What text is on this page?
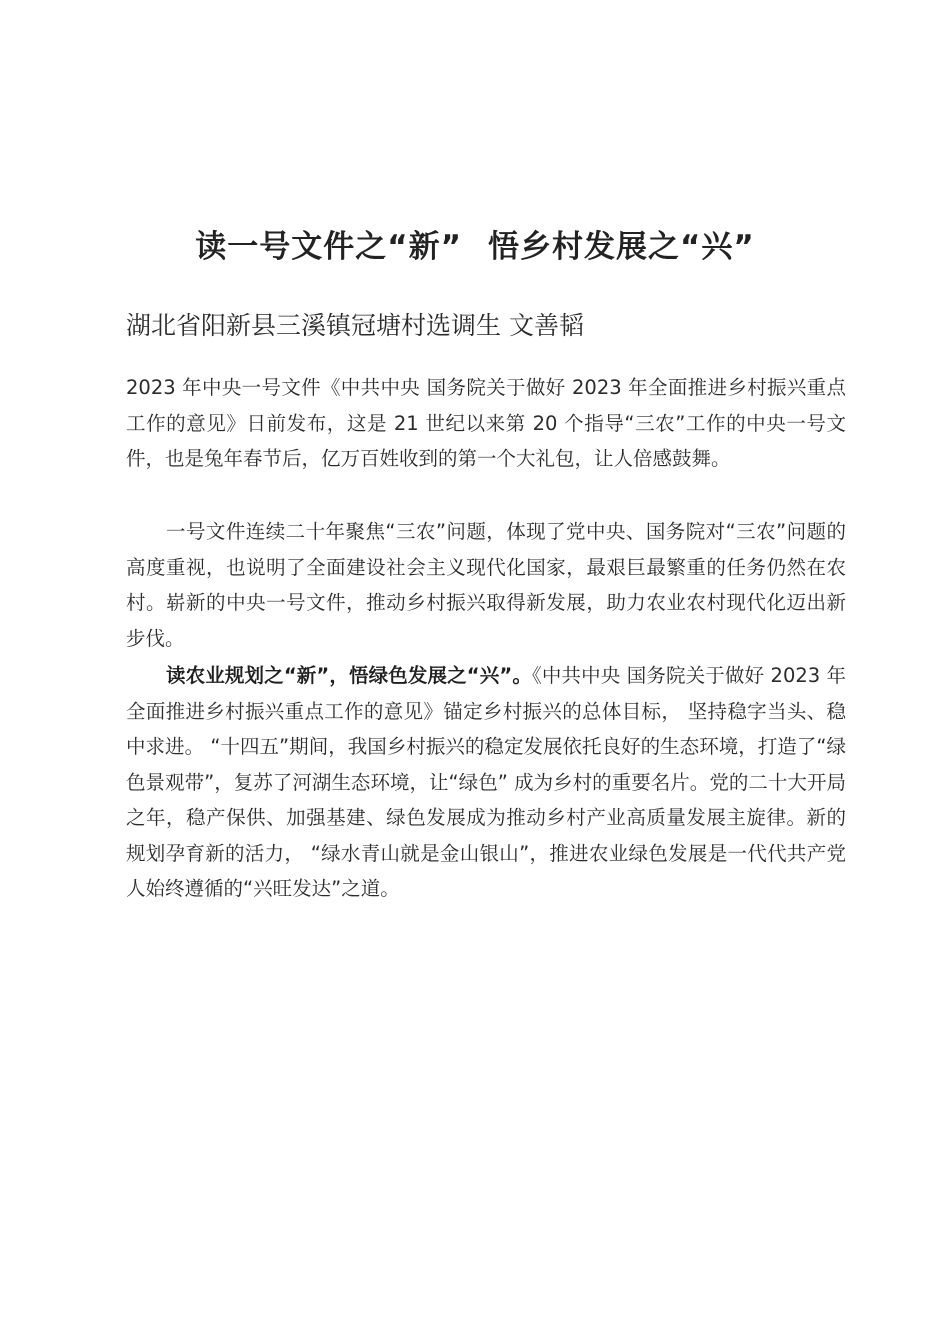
读一号文件之“新” 悟乡村发展之“兴”
湖北省阳新县三溪镇冠塘村选调生 文善韬

2023 年中央一号文件《中共中央 国务院关于做好 2023 年全面推进乡村振兴重点工作的意见》日前发布，这是 21 世纪以来第 20 个指导“三农”工作的中央一号文件，也是兔年春节后，亿万百姓收到的第一个大礼包，让人倍感鼓舞。

一号文件连续二十年聚焦“三农”问题，体现了党中央、国务院对“三农”问题的高度重视，也说明了全面建设社会主义现代化国家，最艰巨最繁重的任务仍然在农村。崭新的中央一号文件，推动乡村振兴取得新发展，助力农业农村现代化迈出新步伐。

读农业规划之“新”，悟绿色发展之“兴”。《中共中央 国务院关于做好 2023 年全面推进乡村振兴重点工作的意见》锚定乡村振兴的总体目标， 坚持稳字当头、稳中求进。 “十四五”期间，我国乡村振兴的稳定发展依托良好的生态环境，打造了“绿色景观带”，复苏了河湖生态环境，让“绿色” 成为乡村的重要名片。党的二十大开局之年，稳产保供、加强基建、绿色发展成为推动乡村产业高质量发展主旋律。新的规划孕育新的活力， “绿水青山就是金山银山”，推进农业绿色发展是一代代共产党人始终遵循的“兴旺发达”之道。
